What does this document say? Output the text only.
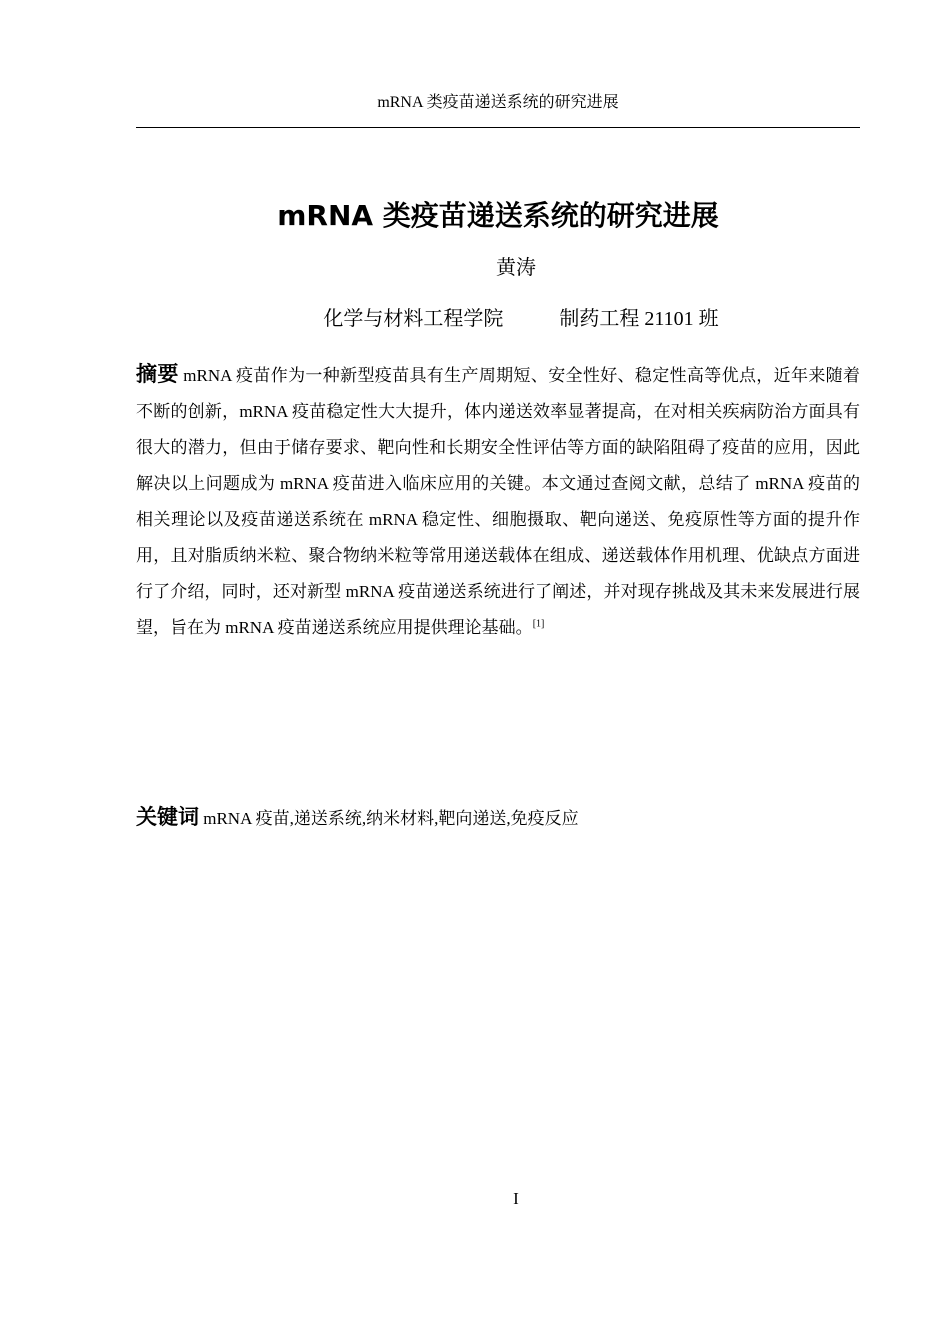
mRNA 类疫苗递送系统的研究进展
mRNA 类疫苗递送系统的研究进展
黄涛
化学与材料工程学院	制药工程 21101 班

摘要 mRNA 疫苗作为一种新型疫苗具有生产周期短、安全性好、稳定性高等优点，近年来随着不断的创新，mRNA 疫苗稳定性大大提升，体内递送效率显著提高，在对相关疾病防治方面具有很大的潜力，但由于储存要求、靶向性和长期安全性评估等方面的缺陷阻碍了疫苗的应用，因此解决以上问题成为 mRNA 疫苗进入临床应用的关键。本文通过查阅文献，总结了 mRNA 疫苗的相关理论以及疫苗递送系统在 mRNA 稳定性、细胞摄取、靶向递送、免疫原性等方面的提升作用，且对脂质纳米粒、聚合物纳米粒等常用递送载体在组成、递送载体作用机理、优缺点方面进行了介绍，同时，还对新型 mRNA 疫苗递送系统进行了阐述，并对现存挑战及其未来发展进行展望，旨在为 mRNA 疫苗递送系统应用提供理论基础。[1]

关键词 mRNA 疫苗,递送系统,纳米材料,靶向递送,免疫反应

I
